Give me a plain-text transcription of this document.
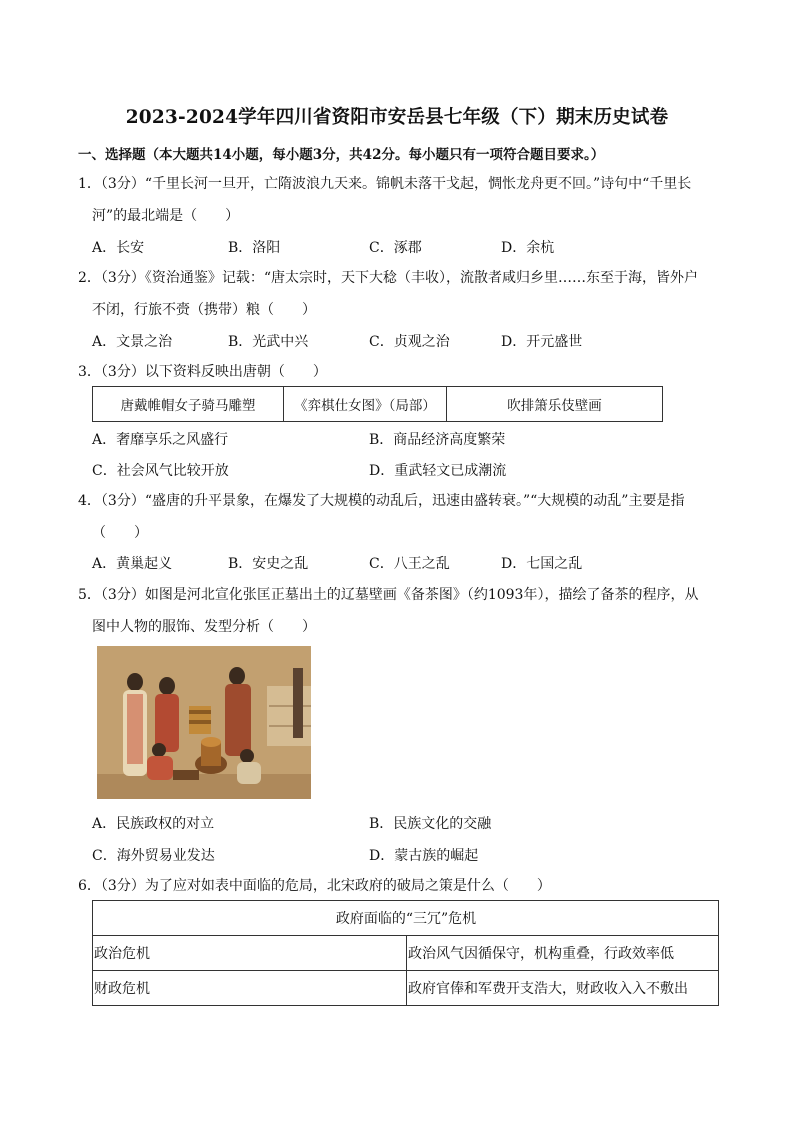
2023-2024学年四川省资阳市安岳县七年级（下）期末历史试卷
一、选择题（本大题共14小题，每小题3分，共42分。每小题只有一项符合题目要求。）
1．（3分）“千里长河一旦开，亡隋波浪九天来。锦帆未落干戈起，惆怅龙舟更不回。”诗句中“千里长
河”的最北端是（　　）
A．长安	B．洛阳	C．涿郡	D．余杭
2．（3分）《资治通鉴》记载：“唐太宗时，天下大稔（丰收），流散者咸归乡里……东至于海，皆外户
不闭，行旅不赍（携带）粮（　　）
A．文景之治	B．光武中兴	C．贞观之治	D．开元盛世
3．（3分）以下资料反映出唐朝（　　）
唐戴帷帽女子骑马雕塑	《弈棋仕女图》（局部）	吹排箫乐伎壁画
A．奢靡享乐之风盛行	B．商品经济高度繁荣
C．社会风气比较开放	D．重武轻文已成潮流
4．（3分）“盛唐的升平景象，在爆发了大规模的动乱后，迅速由盛转衰。”“大规模的动乱”主要是指
（　　）
A．黄巢起义	B．安史之乱	C．八王之乱	D．七国之乱
5．（3分）如图是河北宣化张匡正墓出土的辽墓壁画《备茶图》（约1093年），描绘了备茶的程序，从
图中人物的服饰、发型分析（　　）
A．民族政权的对立	B．民族文化的交融
C．海外贸易业发达	D．蒙古族的崛起
6．（3分）为了应对如表中面临的危局，北宋政府的破局之策是什么（　　）
政府面临的“三冗”危机	
政治危机	政治风气因循保守，机构重叠，行政效率低
财政危机	政府官俸和军费开支浩大，财政收入入不敷出
